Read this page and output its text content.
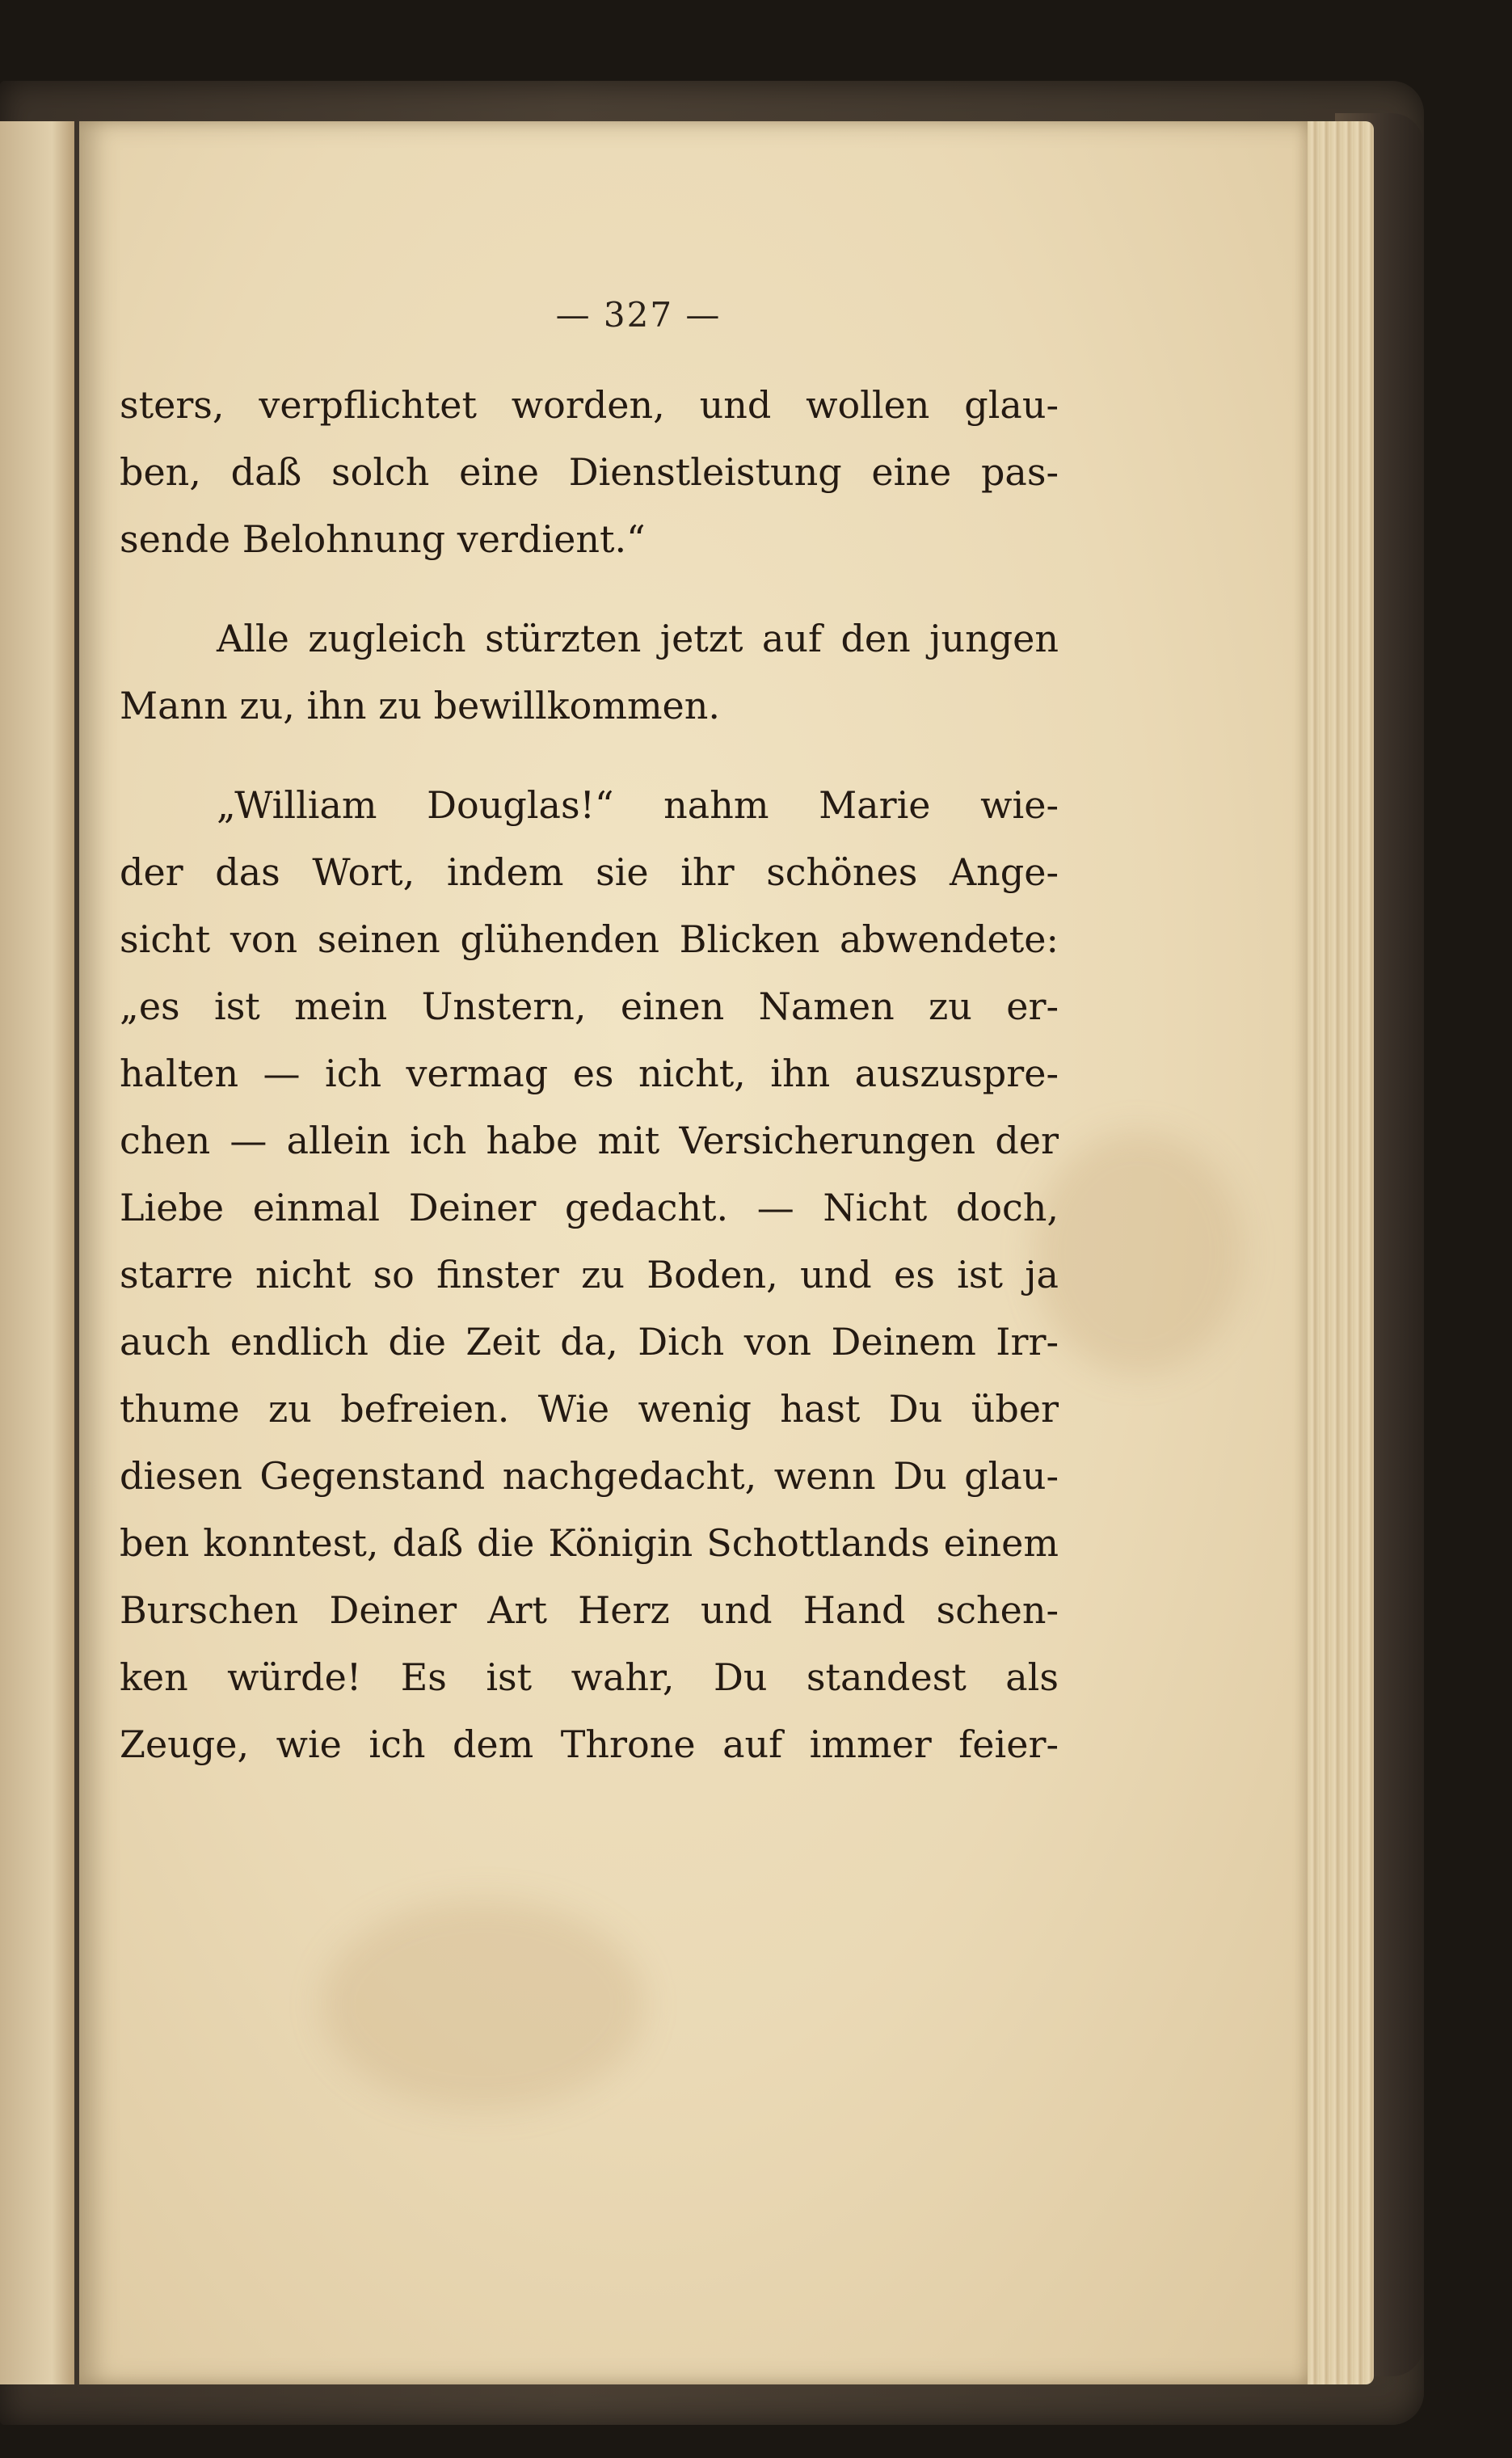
— 327 —

sters, verpflichtet worden, und wollen glau-
ben, daß solch eine Dienstleistung eine pas-
sende Belohnung verdient.“

Alle zugleich stürzten jetzt auf den jungen
Mann zu, ihn zu bewillkommen.

„William Douglas!“ nahm Marie wie-
der das Wort, indem sie ihr schönes Ange-
sicht von seinen glühenden Blicken abwendete:
„es ist mein Unstern, einen Namen zu er-
halten — ich vermag es nicht, ihn auszuspre-
chen — allein ich habe mit Versicherungen der
Liebe einmal Deiner gedacht. — Nicht doch,
starre nicht so finster zu Boden, und es ist ja
auch endlich die Zeit da, Dich von Deinem Irr-
thume zu befreien. Wie wenig hast Du über
diesen Gegenstand nachgedacht, wenn Du glau-
ben konntest, daß die Königin Schottlands einem
Burschen Deiner Art Herz und Hand schen-
ken würde! Es ist wahr, Du standest als
Zeuge, wie ich dem Throne auf immer feier-
